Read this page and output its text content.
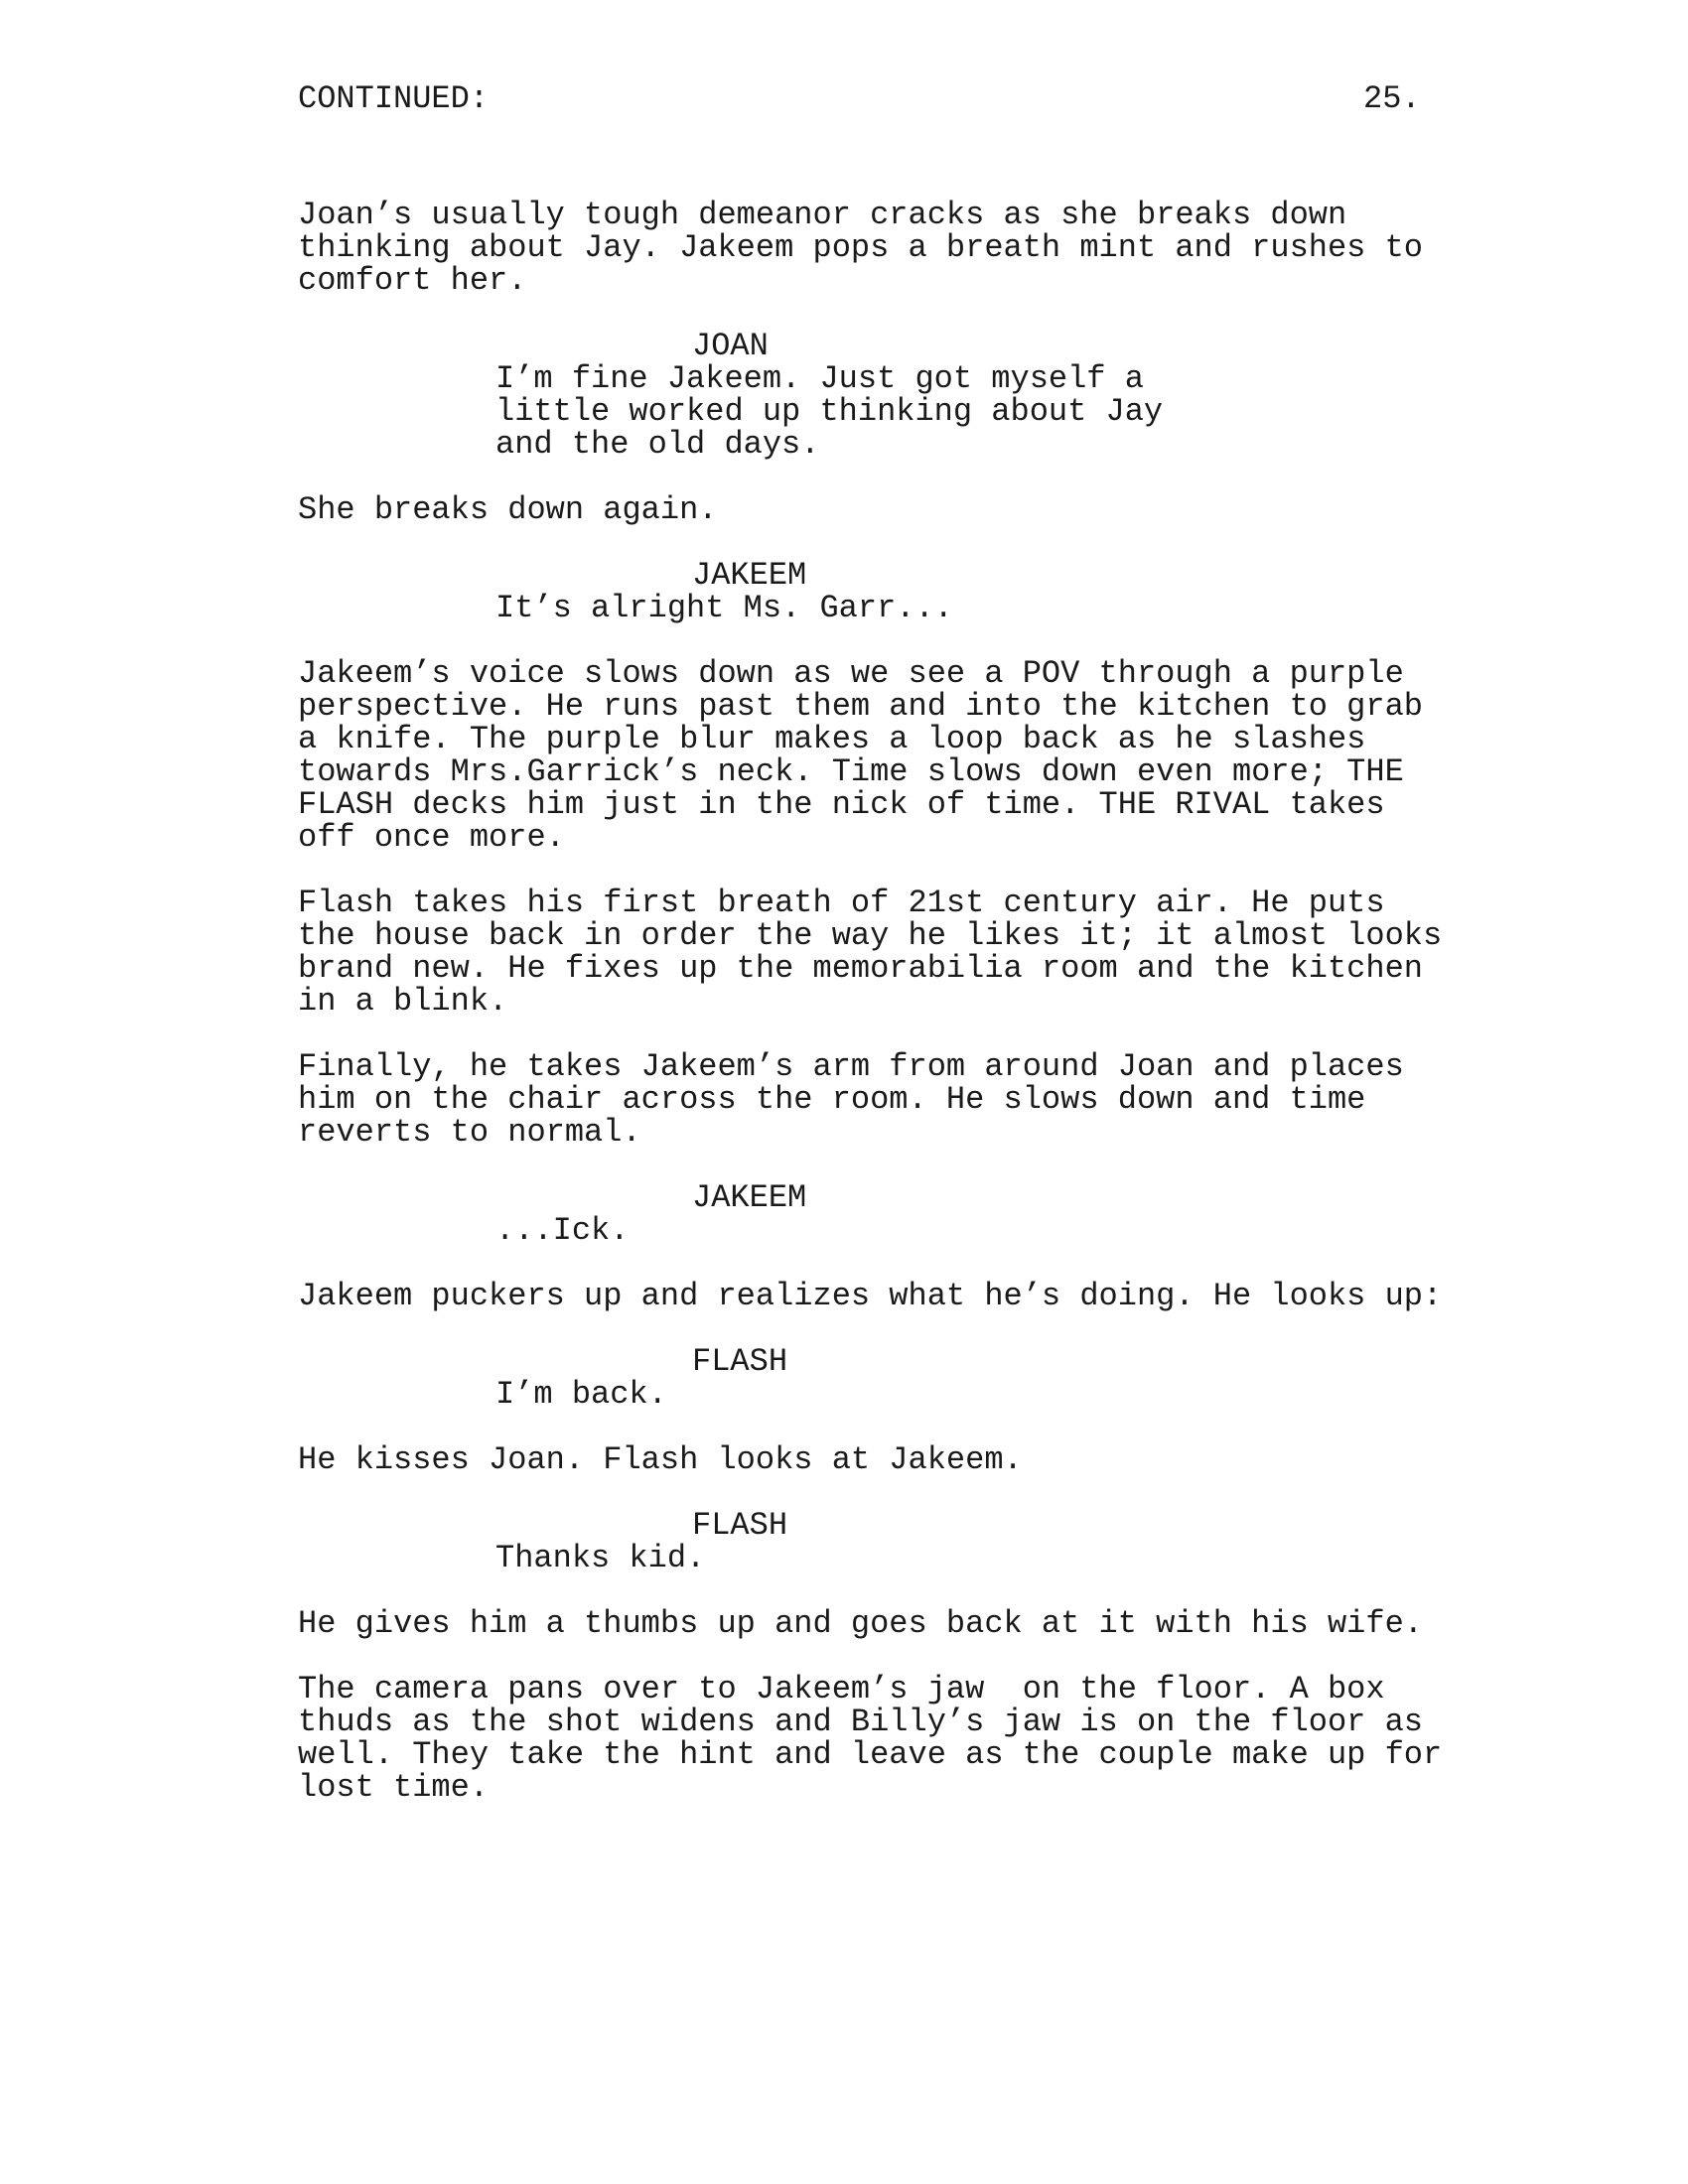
CONTINUED:	25.
Joan’s usually tough demeanor cracks as she breaks down
thinking about Jay. Jakeem pops a breath mint and rushes to
comfort her.
JOAN
I’m fine Jakeem. Just got myself a
little worked up thinking about Jay
and the old days.
She breaks down again.
JAKEEM
It’s alright Ms. Garr...
Jakeem’s voice slows down as we see a POV through a purple
perspective. He runs past them and into the kitchen to grab
a knife. The purple blur makes a loop back as he slashes
towards Mrs.Garrick’s neck. Time slows down even more; THE
FLASH decks him just in the nick of time. THE RIVAL takes
off once more.
Flash takes his first breath of 21st century air. He puts
the house back in order the way he likes it; it almost looks
brand new. He fixes up the memorabilia room and the kitchen
in a blink.
Finally, he takes Jakeem’s arm from around Joan and places
him on the chair across the room. He slows down and time
reverts to normal.
JAKEEM
...Ick.
Jakeem puckers up and realizes what he’s doing. He looks up:
FLASH
I’m back.
He kisses Joan. Flash looks at Jakeem.
FLASH
Thanks kid.
He gives him a thumbs up and goes back at it with his wife.
The camera pans over to Jakeem’s jaw  on the floor. A box
thuds as the shot widens and Billy’s jaw is on the floor as
well. They take the hint and leave as the couple make up for
lost time.
